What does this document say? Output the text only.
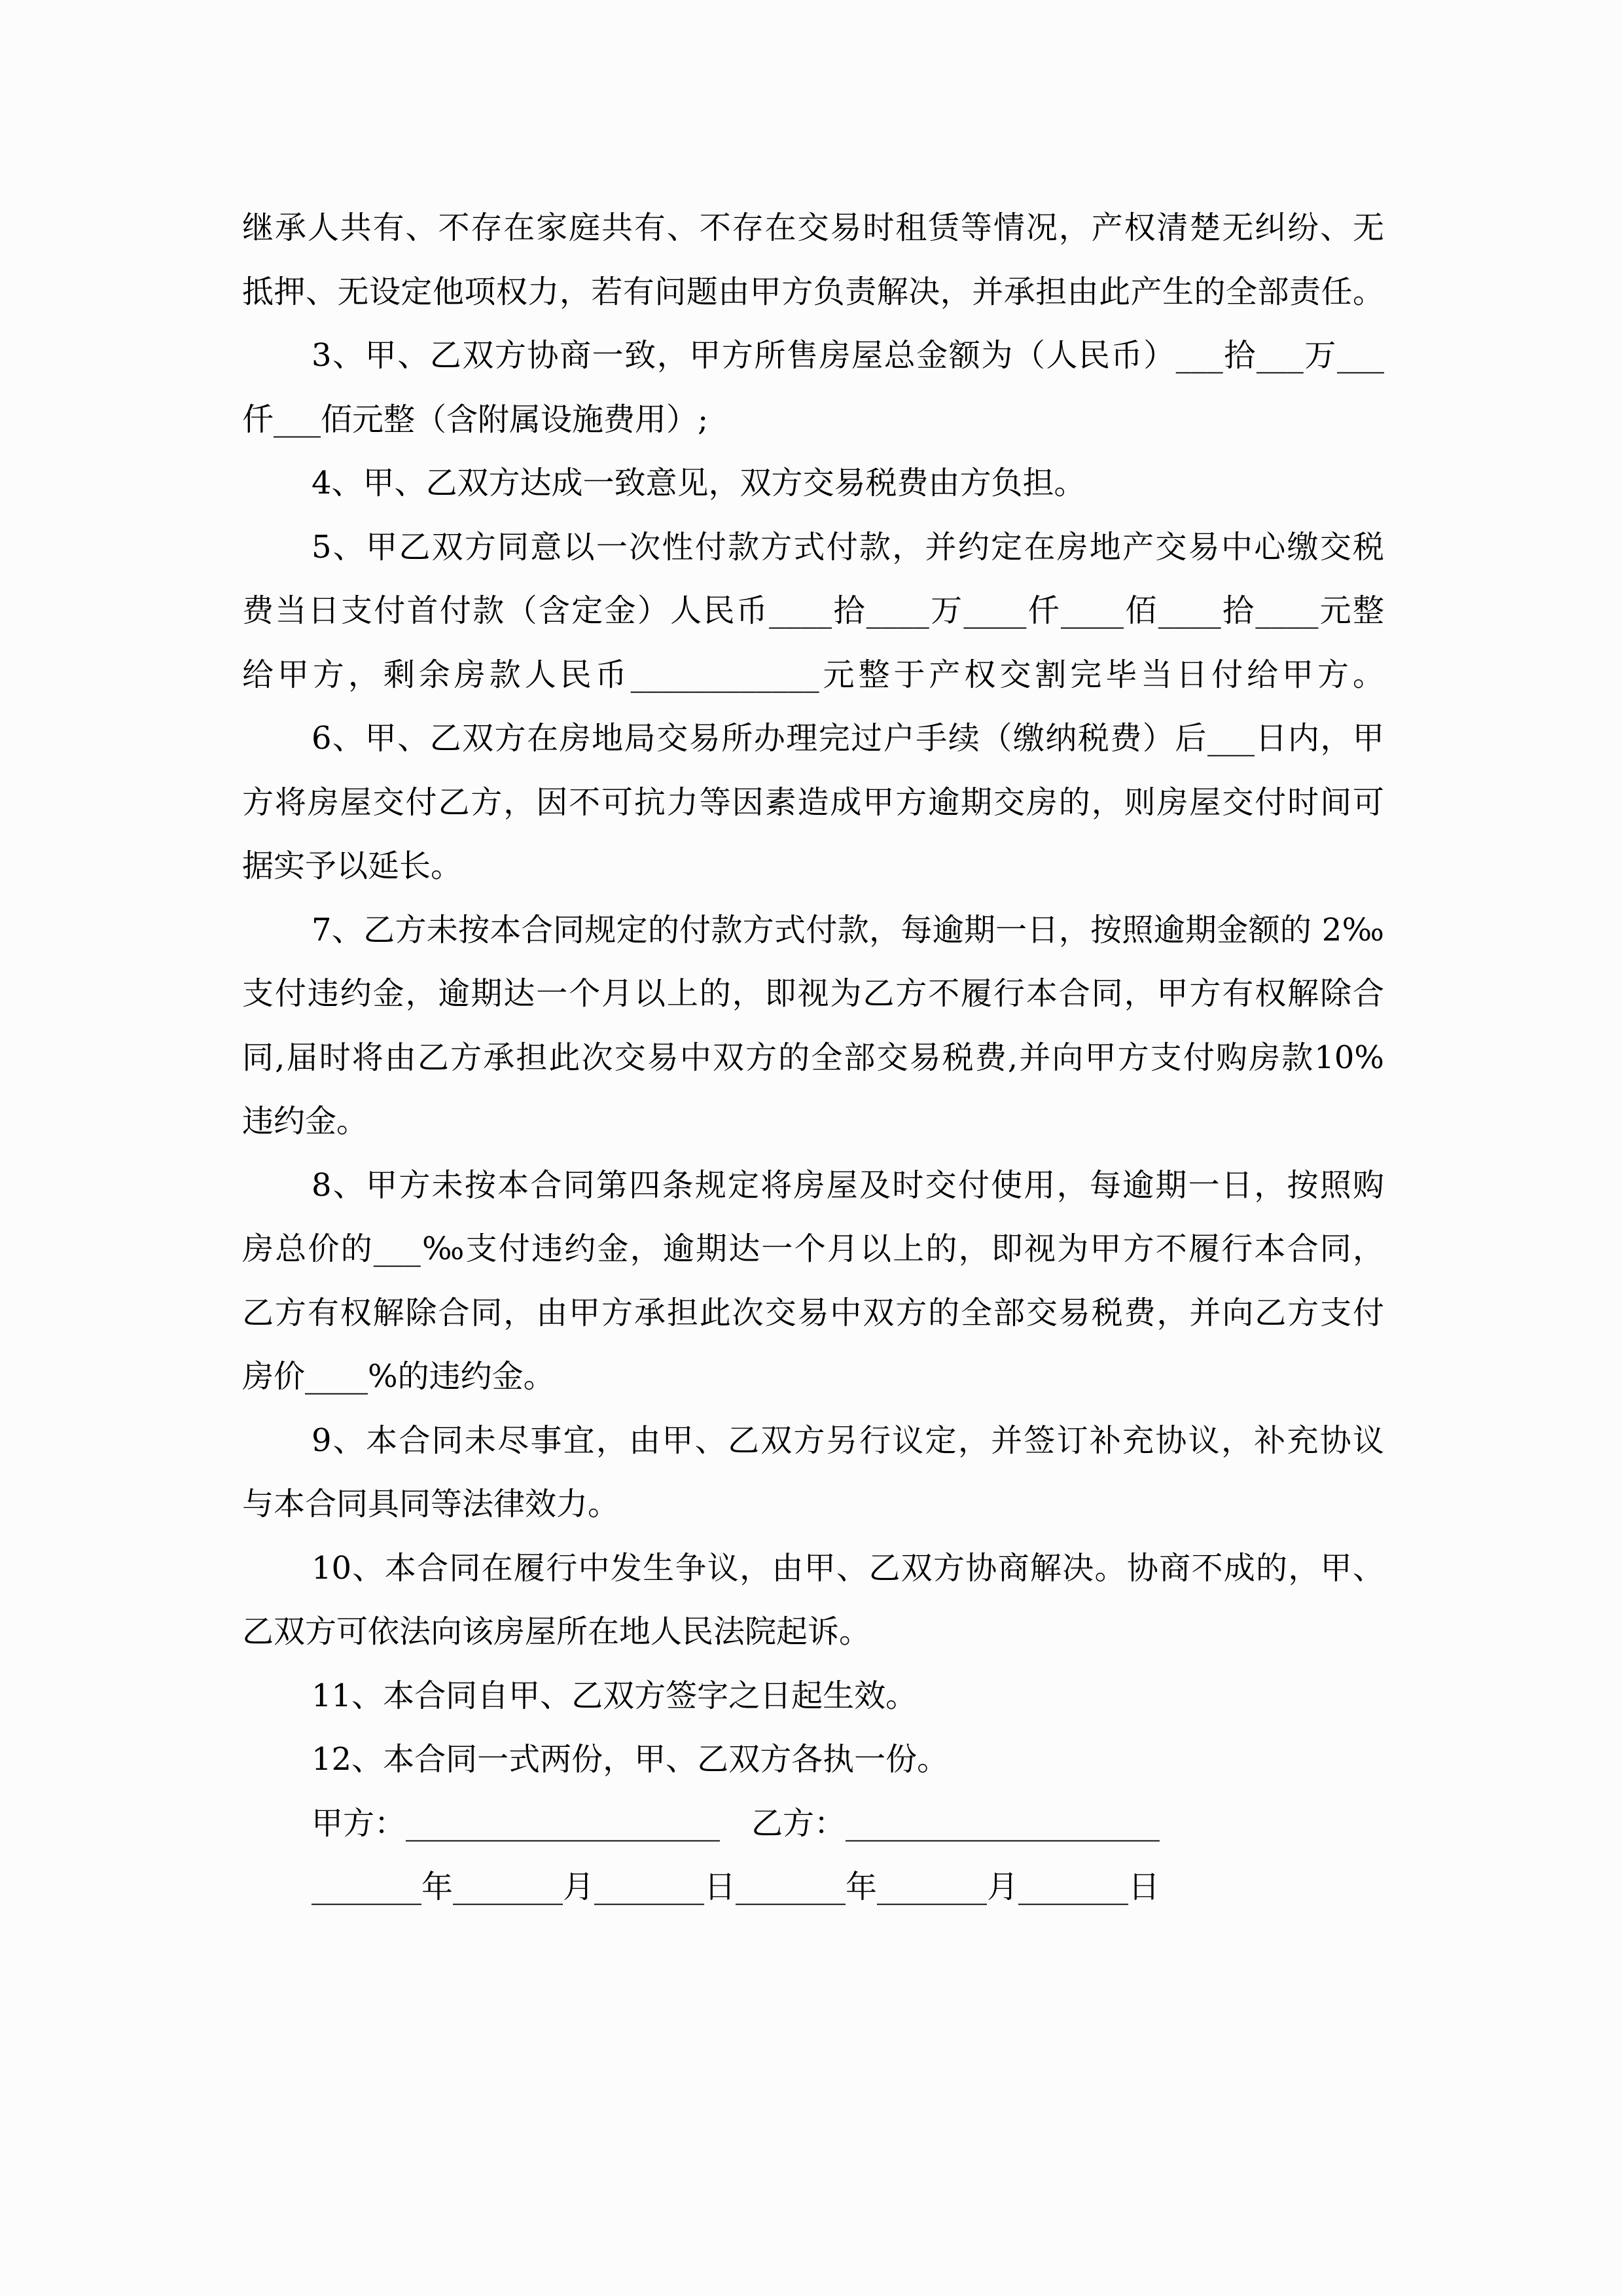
继承人共有、不存在家庭共有、不存在交易时租赁等情况，产权清楚无纠纷、无
抵押、无设定他项权力，若有问题由甲方负责解决，并承担由此产生的全部责任。
3、甲、乙双方协商一致，甲方所售房屋总金额为（人民币）___拾___万___
仟___佰元整（含附属设施费用）;
4、甲、乙双方达成一致意见，双方交易税费由方负担。
5、甲乙双方同意以一次性付款方式付款，并约定在房地产交易中心缴交税
费当日支付首付款（含定金）人民币____拾____万____仟____佰____拾____元整
给甲方，剩余房款人民币____________元整于产权交割完毕当日付给甲方。
6、甲、乙双方在房地局交易所办理完过户手续（缴纳税费）后___日内，甲
方将房屋交付乙方，因不可抗力等因素造成甲方逾期交房的，则房屋交付时间可
据实予以延长。
7、乙方未按本合同规定的付款方式付款，每逾期一日，按照逾期金额的 2‰
支付违约金，逾期达一个月以上的，即视为乙方不履行本合同，甲方有权解除合
同,届时将由乙方承担此次交易中双方的全部交易税费,并向甲方支付购房款10%
违约金。
8、甲方未按本合同第四条规定将房屋及时交付使用，每逾期一日，按照购
房总价的___‰支付违约金，逾期达一个月以上的，即视为甲方不履行本合同，
乙方有权解除合同，由甲方承担此次交易中双方的全部交易税费，并向乙方支付
房价____%的违约金。
9、本合同未尽事宜，由甲、乙双方另行议定，并签订补充协议，补充协议
与本合同具同等法律效力。
10、本合同在履行中发生争议，由甲、乙双方协商解决。协商不成的，甲、
乙双方可依法向该房屋所在地人民法院起诉。
11、本合同自甲、乙双方签字之日起生效。
12、本合同一式两份，甲、乙双方各执一份。
甲方：____________________　乙方：____________________
_______年_______月_______日_______年_______月_______日
